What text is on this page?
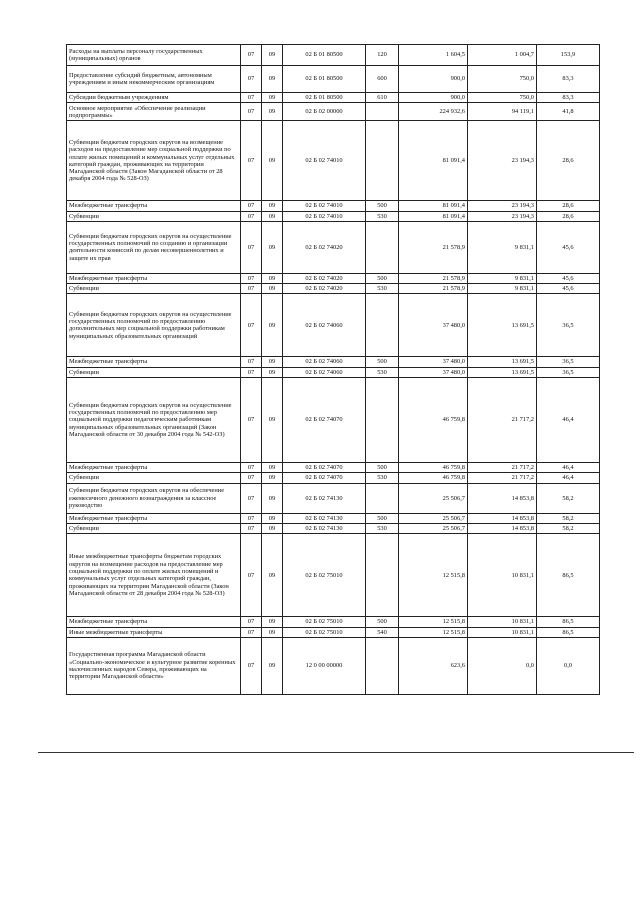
Расходы на выплаты персоналу государственных (муниципальных) органов	07	09	02 Б 01 80500	120	1 604,5	1 004,7	153,9
Предоставление субсидий бюджетным, автономным учреждениям и иным некоммерческим организациям	07	09	02 Б 01 80500	600	900,0	750,0	83,3
Субсидии бюджетным учреждениям	07	09	02 Б 01 80500	610	900,0	750,0	83,3
Основное мероприятие «Обеспечение реализации подпрограммы»	07	09	02 Б 02 00000		224 932,6	94 119,1	41,8
Субвенции бюджетам городских округов на возмещение расходов на предоставление мер социальной поддержки по оплате жилых помещений и коммунальных услуг отдельных категорий граждан, проживающих на территории Магаданской области (Закон Магаданской области от 28 декабря 2004 года № 528-ОЗ)	07	09	02 Б 02 74010		81 091,4	23 194,3	28,6
Межбюджетные трансферты	07	09	02 Б 02 74010	500	81 091,4	23 194,3	28,6
Субвенции	07	09	02 Б 02 74010	530	81 091,4	23 194,3	28,6
Субвенции бюджетам городских округов на осуществление государственных полномочий по созданию и организации деятельности комиссий по делам несовершеннолетних и защите их прав	07	09	02 Б 02 74020		21 578,9	9 831,1	45,6
Межбюджетные трансферты	07	09	02 Б 02 74020	500	21 578,9	9 831,1	45,6
Субвенции	07	09	02 Б 02 74020	530	21 578,9	9 831,1	45,6
Субвенции бюджетам городских округов на осуществление государственных полномочий по предоставлению дополнительных мер социальной поддержки работникам муниципальных образовательных организаций	07	09	02 Б 02 74060		37 480,0	13 691,5	36,5
Межбюджетные трансферты	07	09	02 Б 02 74060	500	37 480,0	13 691,5	36,5
Субвенции	07	09	02 Б 02 74060	530	37 480,0	13 691,5	36,5
Субвенции бюджетам городских округов на осуществление государственных полномочий по предоставлению мер социальной поддержки педагогическим работникам муниципальных образовательных организаций (Закон Магаданской области от 30 декабря 2004 года № 542-ОЗ)	07	09	02 Б 02 74070		46 759,8	21 717,2	46,4
Межбюджетные трансферты	07	09	02 Б 02 74070	500	46 759,8	21 717,2	46,4
Субвенции	07	09	02 Б 02 74070	530	46 759,8	21 717,2	46,4
Субвенции бюджетам городских округов на обеспечение ежемесячного денежного вознаграждения за классное руководство	07	09	02 Б 02 74130		25 506,7	14 853,8	58,2
Межбюджетные трансферты	07	09	02 Б 02 74130	500	25 506,7	14 853,8	58,2
Субвенции	07	09	02 Б 02 74130	530	25 506,7	14 853,8	58,2
Иные межбюджетные трансферты бюджетам городских округов на возмещение расходов на предоставление мер социальной поддержки по оплате жилых помещений и коммунальных услуг отдельных категорий граждан, проживающих на территории Магаданской области (Закон Магаданской области от 28 декабря 2004 года № 528-ОЗ)	07	09	02 Б 02 75010		12 515,8	10 831,1	86,5
Межбюджетные трансферты	07	09	02 Б 02 75010	500	12 515,8	10 831,1	86,5
Иные межбюджетные трансферты	07	09	02 Б 02 75010	540	12 515,8	10 831,1	86,5
Государственная программа Магаданской области «Социально-экономическое и культурное развитие коренных малочисленных народов Севера, проживающих на территории Магаданской области»	07	09	12 0 00 00000		623,6	0,0	0,0
